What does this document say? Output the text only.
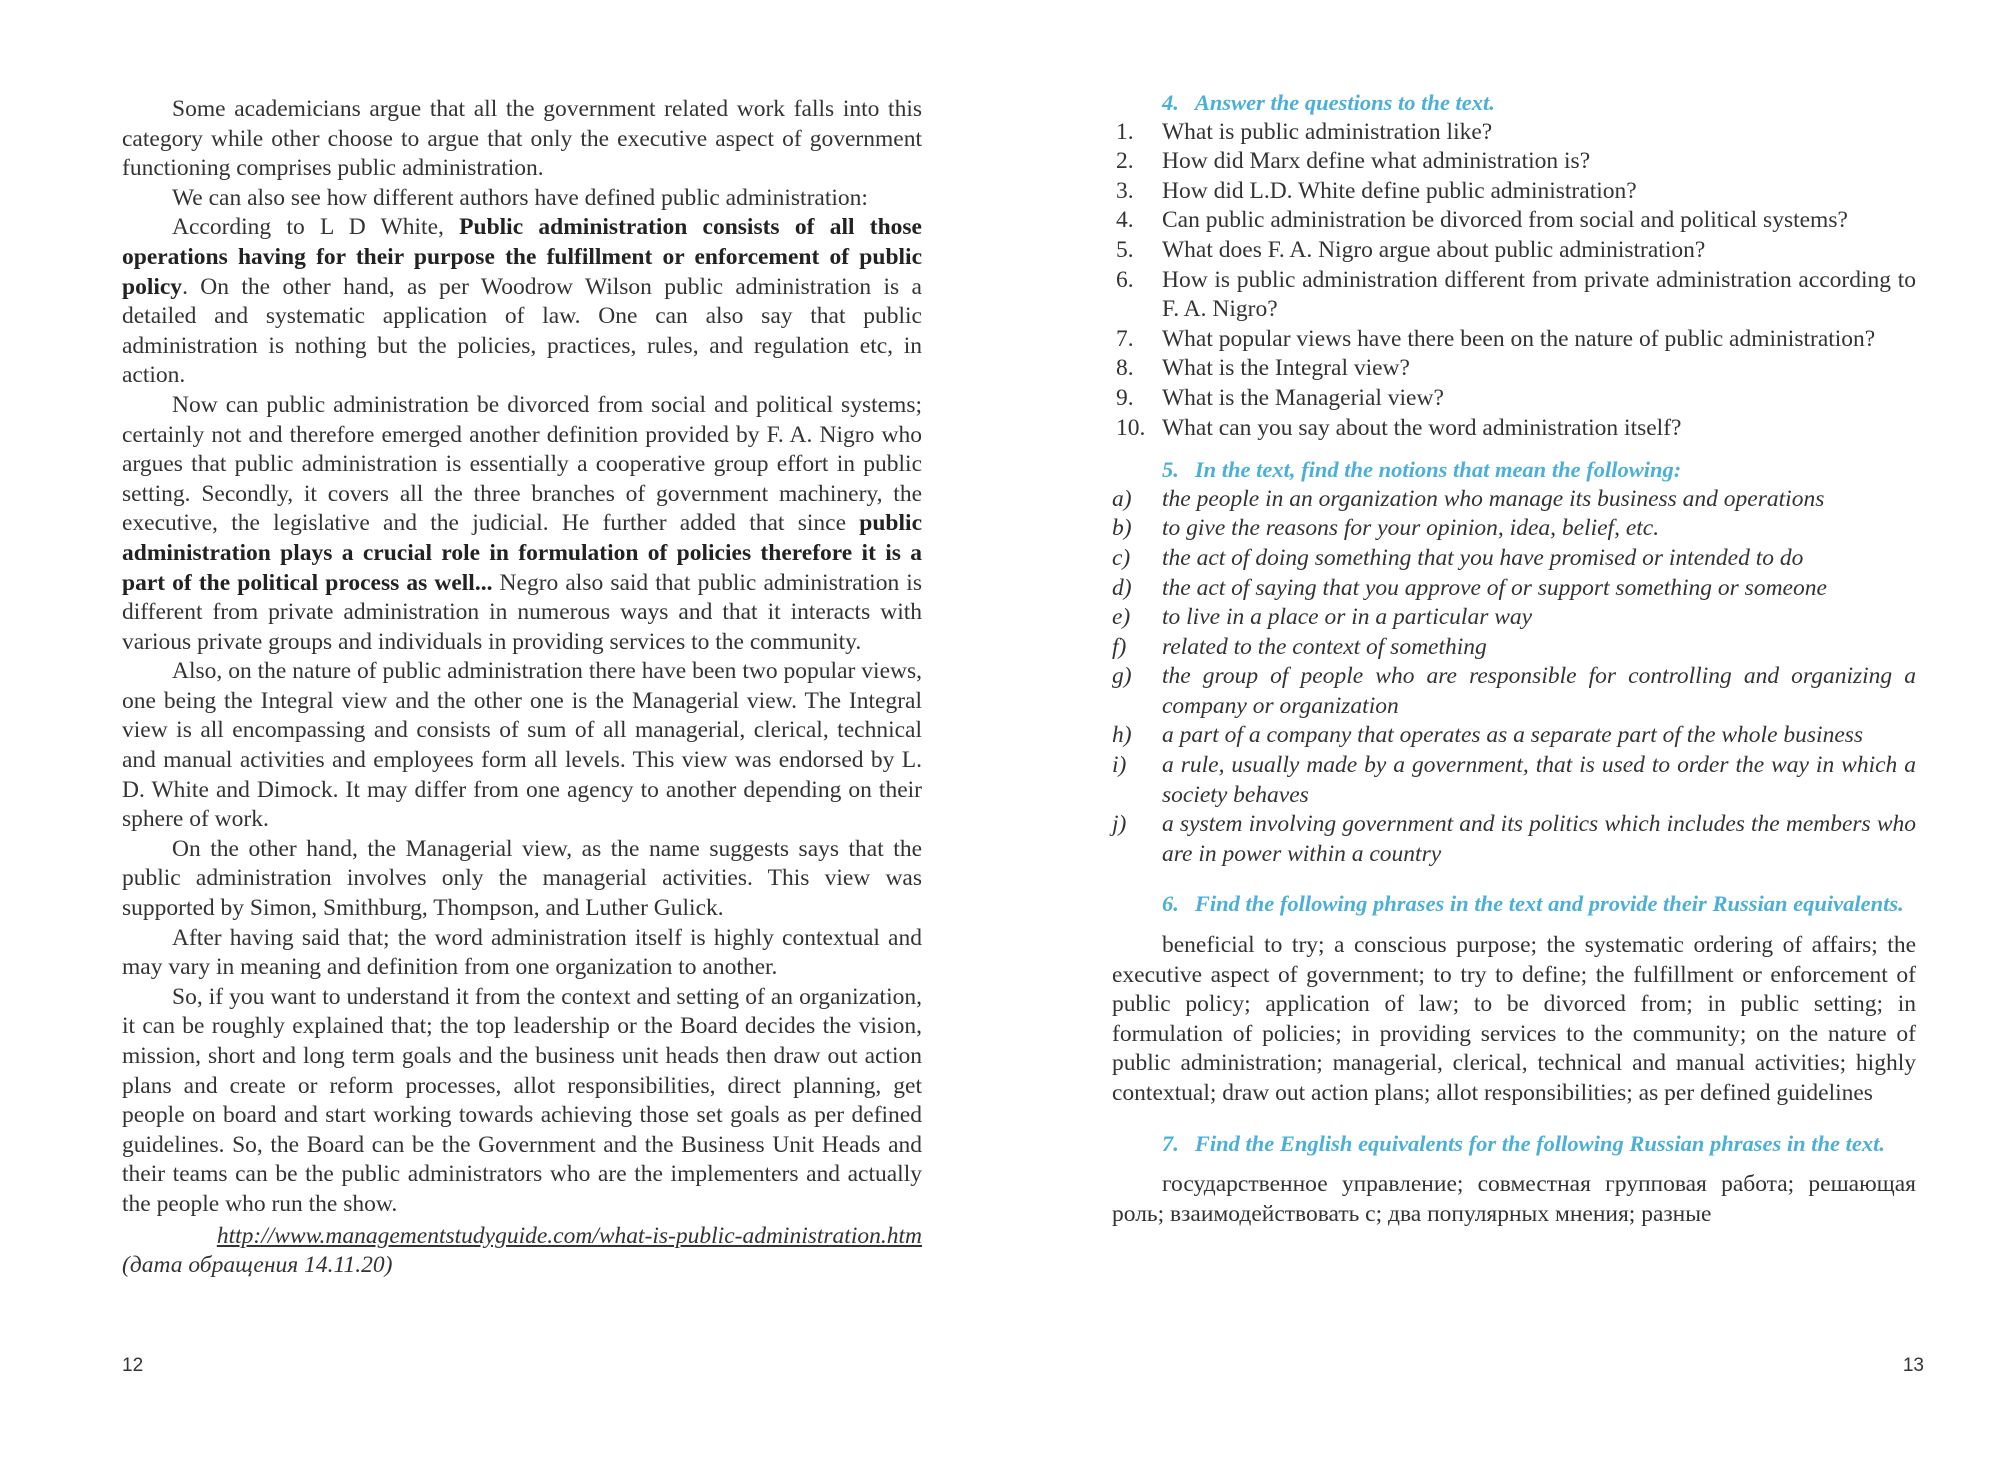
Some academicians argue that all the government related work falls into this category while other choose to argue that only the executive aspect of government functioning comprises public administration.

We can also see how different authors have defined public administration:

According to L D White, Public administration consists of all those operations having for their purpose the fulfillment or enforcement of public policy. On the other hand, as per Woodrow Wilson public administration is a detailed and systematic application of law. One can also say that public administration is nothing but the policies, practices, rules, and regulation etc, in action.

Now can public administration be divorced from social and political systems; certainly not and therefore emerged another definition provided by F. A. Nigro who argues that public administration is essentially a cooperative group effort in public setting. Secondly, it covers all the three branches of government machinery, the executive, the legislative and the judicial. He further added that since public administration plays a crucial role in formulation of policies therefore it is a part of the political process as well... Negro also said that public administration is different from private administration in numerous ways and that it interacts with various private groups and individuals in providing services to the community.

Also, on the nature of public administration there have been two popular views, one being the Integral view and the other one is the Managerial view. The Integral view is all encompassing and consists of sum of all managerial, clerical, technical and manual activities and employees form all levels. This view was endorsed by L. D. White and Dimock. It may differ from one agency to another depending on their sphere of work.

On the other hand, the Managerial view, as the name suggests says that the public administration involves only the managerial activities. This view was supported by Simon, Smithburg, Thompson, and Luther Gulick.

After having said that; the word administration itself is highly contextual and may vary in meaning and definition from one organization to another.

So, if you want to understand it from the context and setting of an organization, it can be roughly explained that; the top leadership or the Board decides the vision, mission, short and long term goals and the business unit heads then draw out action plans and create or reform processes, allot responsibilities, direct planning, get people on board and start working towards achieving those set goals as per defined guidelines. So, the Board can be the Government and the Business Unit Heads and their teams can be the public administrators who are the implementers and actually the people who run the show.

http://www.managementstudyguide.com/what-is-public-administration.htm
(дата обращения 14.11.20)
12
4. Answer the questions to the text.
1.	What is public administration like?
2.	How did Marx define what administration is?
3.	How did L.D. White define public administration?
4.	Can public administration be divorced from social and political systems?
5.	What does F. A. Nigro argue about public administration?
6.	How is public administration different from private administration according to F. A. Nigro?
7.	What popular views have there been on the nature of public administration?
8.	What is the Integral view?
9.	What is the Managerial view?
10. What can you say about the word administration itself?
5. In the text, find the notions that mean the following:
a)	the people in an organization who manage its business and operations
b)	to give the reasons for your opinion, idea, belief, etc.
c)	the act of doing something that you have promised or intended to do
d)	the act of saying that you approve of or support something or someone
e)	to live in a place or in a particular way
f)	related to the context of something
g)	the group of people who are responsible for controlling and organizing a company or organization
h)	a part of a company that operates as a separate part of the whole business
i)	a rule, usually made by a government, that is used to order the way in which a society behaves
j)	a system involving government and its politics which includes the members who are in power within a country
6. Find the following phrases in the text and provide their Russian equivalents.
beneficial to try; a conscious purpose; the systematic ordering of affairs; the executive aspect of government; to try to define; the fulfillment or enforcement of public policy; application of law; to be divorced from; in public setting; in formulation of policies; in providing services to the community; on the nature of public administration; managerial, clerical, technical and manual activities; highly contextual; draw out action plans; allot responsibilities; as per defined guidelines
7. Find the English equivalents for the following Russian phrases in the text.
государственное управление; совместная групповая работа; решающая роль; взаимодействовать с; два популярных мнения; разные
13
